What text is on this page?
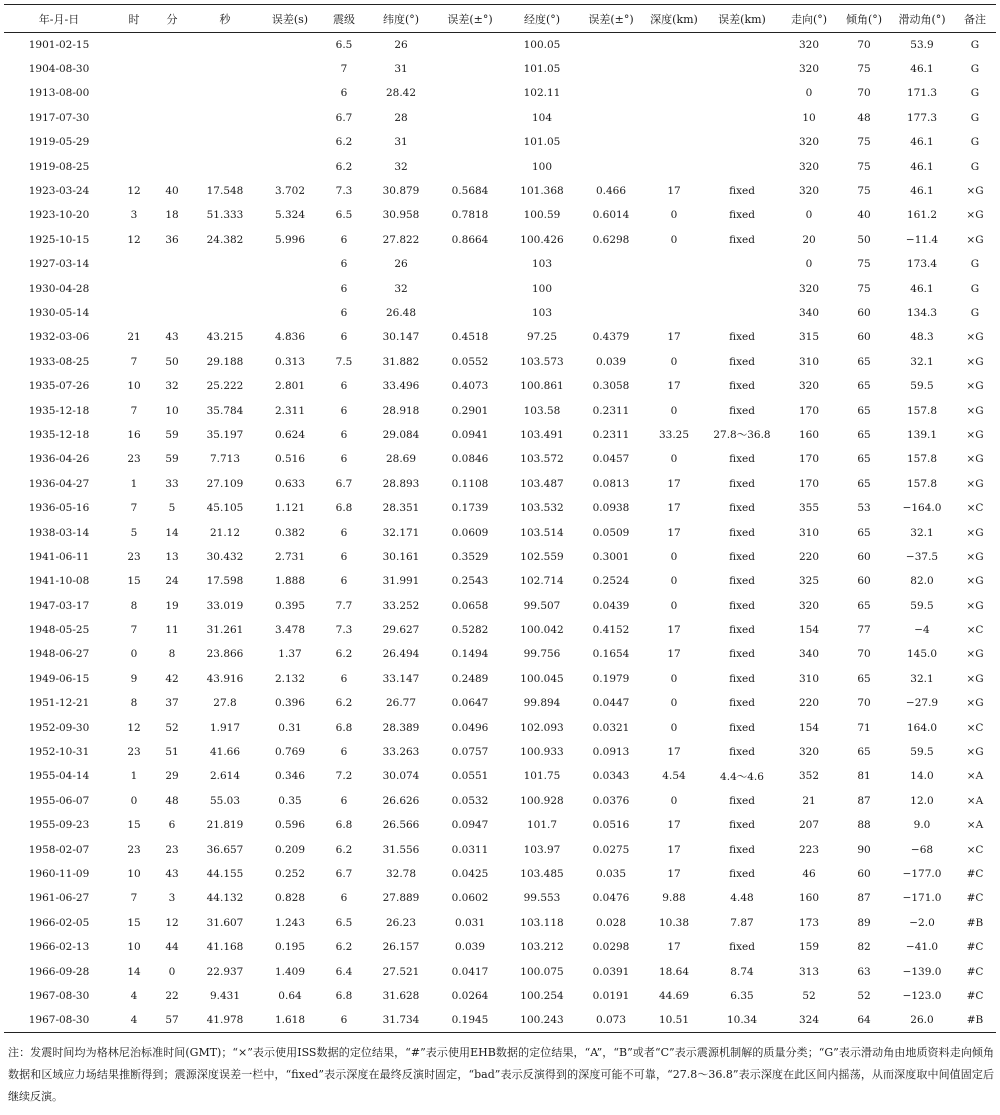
年-月-日	时	分	秒	误差(s)	震级	纬度(°)	误差(±°)	经度(°)	误差(±°)	深度(km)	误差(km)	走向(°)	倾角(°)	滑动角(°)	备注
1901-02-15					6.5	26		100.05				320	70	53.9	G
1904-08-30					7	31		101.05				320	75	46.1	G
1913-08-00					6	28.42		102.11				0	70	171.3	G
1917-07-30					6.7	28		104				10	48	177.3	G
1919-05-29					6.2	31		101.05				320	75	46.1	G
1919-08-25					6.2	32		100				320	75	46.1	G
1923-03-24	12	40	17.548	3.702	7.3	30.879	0.5684	101.368	0.466	17	fixed	320	75	46.1	×G
1923-10-20	3	18	51.333	5.324	6.5	30.958	0.7818	100.59	0.6014	0	fixed	0	40	161.2	×G
1925-10-15	12	36	24.382	5.996	6	27.822	0.8664	100.426	0.6298	0	fixed	20	50	−11.4	×G
1927-03-14					6	26		103				0	75	173.4	G
1930-04-28					6	32		100				320	75	46.1	G
1930-05-14					6	26.48		103				340	60	134.3	G
1932-03-06	21	43	43.215	4.836	6	30.147	0.4518	97.25	0.4379	17	fixed	315	60	48.3	×G
1933-08-25	7	50	29.188	0.313	7.5	31.882	0.0552	103.573	0.039	0	fixed	310	65	32.1	×G
1935-07-26	10	32	25.222	2.801	6	33.496	0.4073	100.861	0.3058	17	fixed	320	65	59.5	×G
1935-12-18	7	10	35.784	2.311	6	28.918	0.2901	103.58	0.2311	0	fixed	170	65	157.8	×G
1935-12-18	16	59	35.197	0.624	6	29.084	0.0941	103.491	0.2311	33.25	27.8～36.8	160	65	139.1	×G
1936-04-26	23	59	7.713	0.516	6	28.69	0.0846	103.572	0.0457	0	fixed	170	65	157.8	×G
1936-04-27	1	33	27.109	0.633	6.7	28.893	0.1108	103.487	0.0813	17	fixed	170	65	157.8	×G
1936-05-16	7	5	45.105	1.121	6.8	28.351	0.1739	103.532	0.0938	17	fixed	355	53	−164.0	×C
1938-03-14	5	14	21.12	0.382	6	32.171	0.0609	103.514	0.0509	17	fixed	310	65	32.1	×G
1941-06-11	23	13	30.432	2.731	6	30.161	0.3529	102.559	0.3001	0	fixed	220	60	−37.5	×G
1941-10-08	15	24	17.598	1.888	6	31.991	0.2543	102.714	0.2524	0	fixed	325	60	82.0	×G
1947-03-17	8	19	33.019	0.395	7.7	33.252	0.0658	99.507	0.0439	0	fixed	320	65	59.5	×G
1948-05-25	7	11	31.261	3.478	7.3	29.627	0.5282	100.042	0.4152	17	fixed	154	77	−4	×C
1948-06-27	0	8	23.866	1.37	6.2	26.494	0.1494	99.756	0.1654	17	fixed	340	70	145.0	×G
1949-06-15	9	42	43.916	2.132	6	33.147	0.2489	100.045	0.1979	0	fixed	310	65	32.1	×G
1951-12-21	8	37	27.8	0.396	6.2	26.77	0.0647	99.894	0.0447	0	fixed	220	70	−27.9	×G
1952-09-30	12	52	1.917	0.31	6.8	28.389	0.0496	102.093	0.0321	0	fixed	154	71	164.0	×C
1952-10-31	23	51	41.66	0.769	6	33.263	0.0757	100.933	0.0913	17	fixed	320	65	59.5	×G
1955-04-14	1	29	2.614	0.346	7.2	30.074	0.0551	101.75	0.0343	4.54	4.4～4.6	352	81	14.0	×A
1955-06-07	0	48	55.03	0.35	6	26.626	0.0532	100.928	0.0376	0	fixed	21	87	12.0	×A
1955-09-23	15	6	21.819	0.596	6.8	26.566	0.0947	101.7	0.0516	17	fixed	207	88	9.0	×A
1958-02-07	23	23	36.657	0.209	6.2	31.556	0.0311	103.97	0.0275	17	fixed	223	90	−68	×C
1960-11-09	10	43	44.155	0.252	6.7	32.78	0.0425	103.485	0.035	17	fixed	46	60	−177.0	#C
1961-06-27	7	3	44.132	0.828	6	27.889	0.0602	99.553	0.0476	9.88	4.48	160	87	−171.0	#C
1966-02-05	15	12	31.607	1.243	6.5	26.23	0.031	103.118	0.028	10.38	7.87	173	89	−2.0	#B
1966-02-13	10	44	41.168	0.195	6.2	26.157	0.039	103.212	0.0298	17	fixed	159	82	−41.0	#C
1966-09-28	14	0	22.937	1.409	6.4	27.521	0.0417	100.075	0.0391	18.64	8.74	313	63	−139.0	#C
1967-08-30	4	22	9.431	0.64	6.8	31.628	0.0264	100.254	0.0191	44.69	6.35	52	52	−123.0	#C
1967-08-30	4	57	41.978	1.618	6	31.734	0.1945	100.243	0.073	10.51	10.34	324	64	26.0	#B
注：发震时间均为格林尼治标准时间(GMT)；“×”表示使用ISS数据的定位结果，“#”表示使用EHB数据的定位结果，“A”，“B”或者“C”表示震源机制解的质量分类；“G”表示滑动角由地质资料走向倾角数据和区域应力场结果推断得到；震源深度误差一栏中，“fixed”表示深度在最终反演时固定，“bad”表示反演得到的深度可能不可靠，“27.8～36.8”表示深度在此区间内摇荡，从而深度取中间值固定后继续反演。
